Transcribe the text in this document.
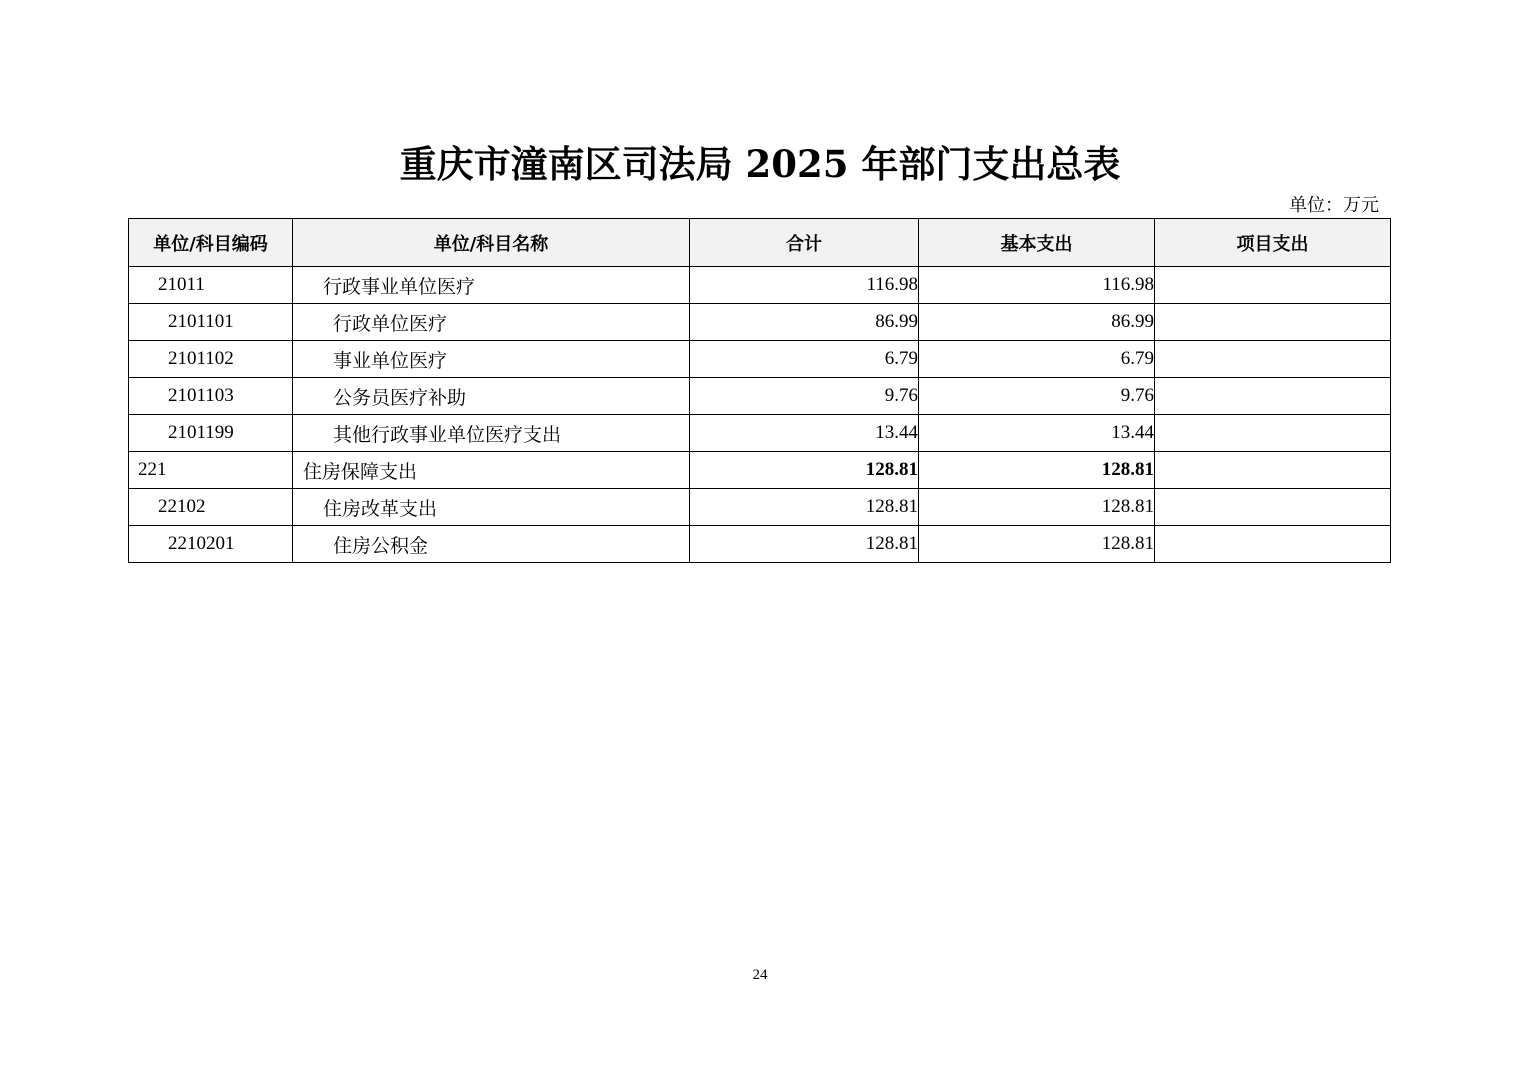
重庆市潼南区司法局 2025 年部门支出总表
单位：万元
单位/科目编码	单位/科目名称	合计	基本支出	项目支出
21011	行政事业单位医疗	116.98	116.98	
2101101	行政单位医疗	86.99	86.99	
2101102	事业单位医疗	6.79	6.79	
2101103	公务员医疗补助	9.76	9.76	
2101199	其他行政事业单位医疗支出	13.44	13.44	
221	住房保障支出	128.81	128.81	
22102	住房改革支出	128.81	128.81	
2210201	住房公积金	128.81	128.81	
24
